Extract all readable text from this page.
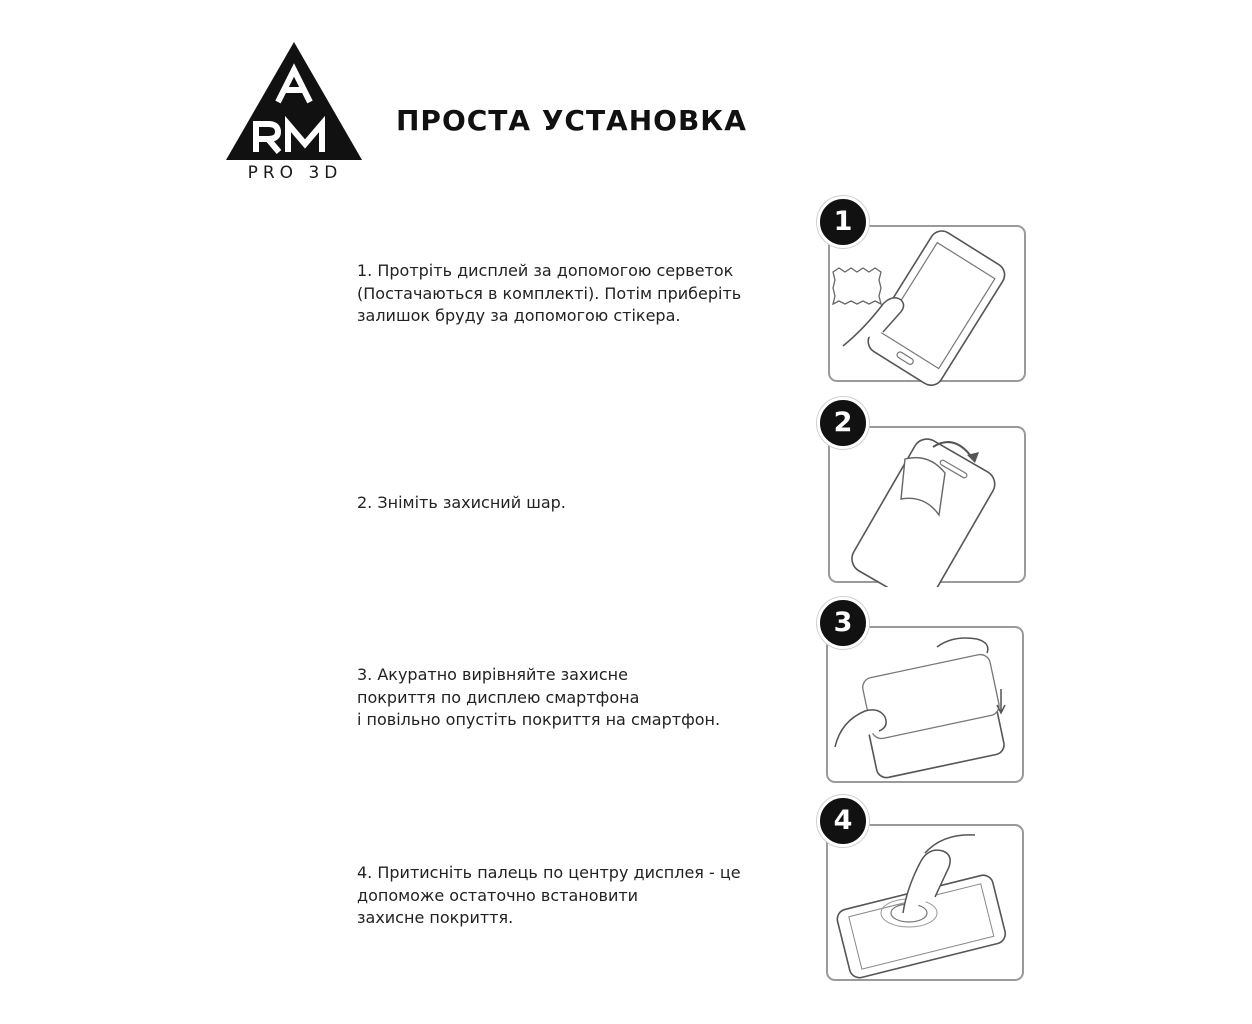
PRO 3D
ПРОСТА УСТАНОВКА

1. Протріть дисплей за допомогою серветок
(Постачаються в комплекті). Потім приберіть
залишок бруду за допомогою стікера.

1

2. Зніміть захисний шар.

2

3. Акуратно вирівняйте захисне
покриття по дисплею смартфона
і повільно опустіть покриття на смартфон.

3

4. Притисніть палець по центру дисплея - це
допоможе остаточно встановити
захисне покриття.

4
